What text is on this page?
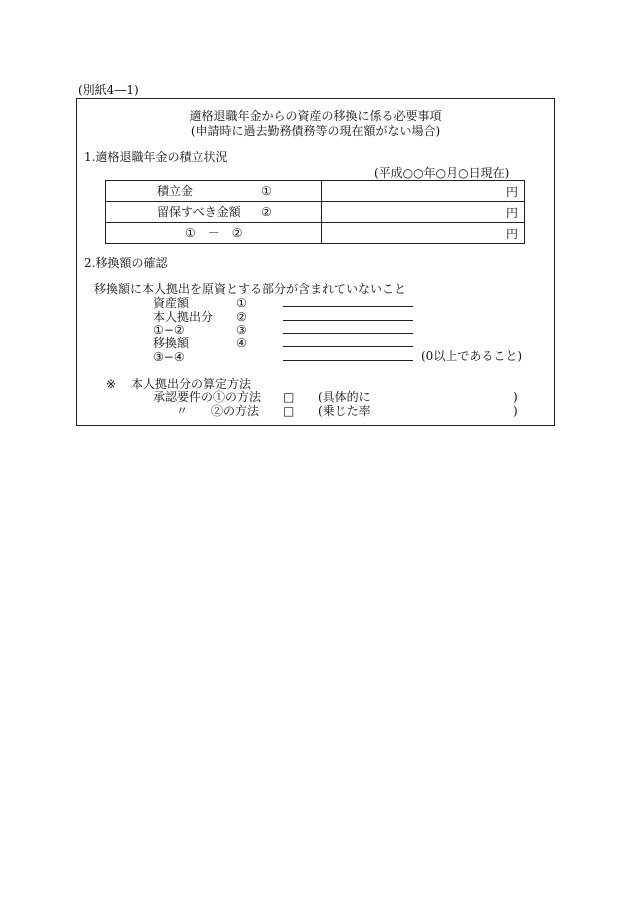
(別紙4―1)
適格退職年金からの資産の移換に係る必要事項
(申請時に過去勤務債務等の現在額がない場合)
1.適格退職年金の積立状況
(平成○○年○月○日現在)
積立金 ①	円

留保すべき金額 ②	円

①　－　②	円
2.移換額の確認
移換額に本人拠出を原資とする部分が含まれていないこと
資産額	①
本人拠出分 ②
①−②	③
移換額	④
③−④	(0以上であること)
※ 本人拠出分の算定方法
承認要件の①の方法 □ (具体的に	)
〃 ②の方法 □ (乗じた率	)
